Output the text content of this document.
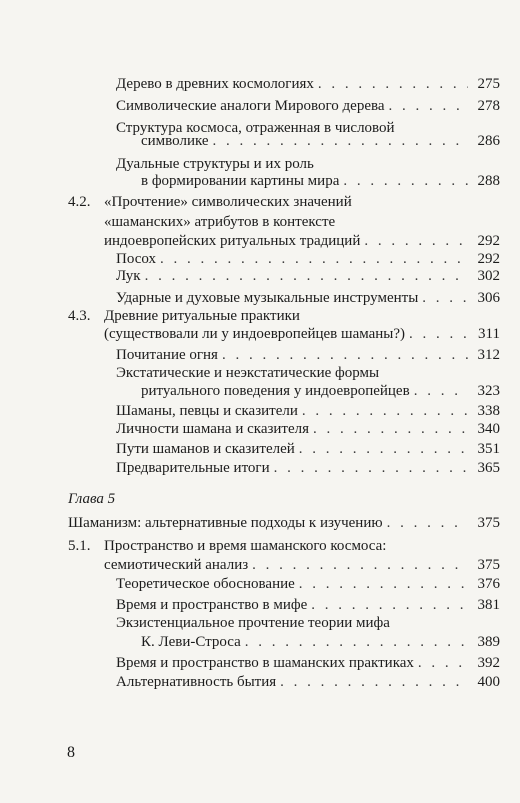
Дерево в древних космологиях . . .	275
Символические аналоги Мирового дерева . . .	278
Структура космоса, отраженная в числовой
символике . . .	286
Дуальные структуры и их роль
в формировании картины мира . . .	288
4.2. «Прочтение» символических значений
«шаманских» атрибутов в контексте
индоевропейских ритуальных традиций . . .	292
Посох . . .	292
Лук . . .	302
Ударные и духовые музыкальные инструменты . . .	306
4.3. Древние ритуальные практики
(существовали ли у индоевропейцев шаманы?) . . .	311
Почитание огня . . .	312
Экстатические и неэкстатические формы
ритуального поведения у индоевропейцев . . .	323
Шаманы, певцы и сказители . . .	338
Личности шамана и сказителя . . .	340
Пути шаманов и сказителей . . .	351
Предварительные итоги . . .	365
Глава 5
Шаманизм: альтернативные подходы к изучению . . .	375
5.1. Пространство и время шаманского космоса:
семиотический анализ . . .	375
Теоретическое обоснование . . .	376
Время и пространство в мифе . . .	381
Экзистенциальное прочтение теории мифа
К. Леви-Строса . . .	389
Время и пространство в шаманских практиках . . .	392
Альтернативность бытия . . .	400
8
